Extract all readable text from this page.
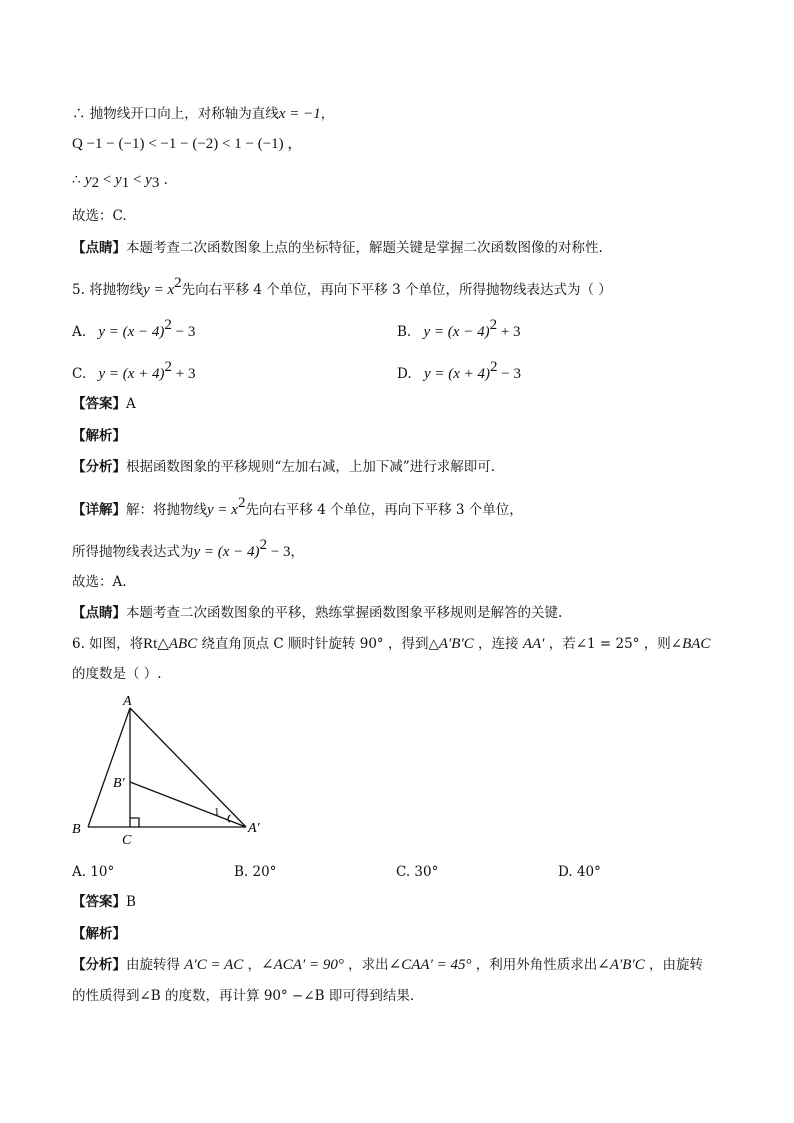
∴ 抛物线开口向上，对称轴为直线x = −1，
Q −1 − (−1) < −1 − (−2) < 1 − (−1) ，
∴ $y_2 < y_1 < y_3$ .
故选：C.
【点睛】本题考查二次函数图象上点的坐标特征，解题关键是掌握二次函数图像的对称性.
5. 将抛物线$y = x^2$先向右平移 4 个单位，再向下平移 3 个单位，所得抛物线表达式为（ ）
A. $y = (x - 4)^2 - 3$	B. $y = (x - 4)^2 + 3$
C. $y = (x + 4)^2 + 3$	D. $y = (x + 4)^2 - 3$
【答案】A
【解析】
【分析】根据函数图象的平移规则“左加右减，上加下减”进行求解即可.
【详解】解：将抛物线$y = x^2$先向右平移 4 个单位，再向下平移 3 个单位，
所得抛物线表达式为$y = (x - 4)^2 - 3$，
故选：A.
【点睛】本题考查二次函数图象的平移，熟练掌握函数图象平移规则是解答的关键.
6. 如图，将Rt△ABC 绕直角顶点 C 顺时针旋转 90° ，得到△A′B′C ，连接 AA′ ，若∠1 = 25° ，则∠BAC
的度数是（ ）.
A
B
B′
C
A′
1
A. 10°	B. 20°	C. 30°	D. 40°
【答案】B
【解析】
【分析】由旋转得 A′C = AC ，∠ACA′ = 90° ，求出∠CAA′ = 45° ，利用外角性质求出∠A′B′C ，由旋转
的性质得到∠B 的度数，再计算 90° −∠B 即可得到结果.
